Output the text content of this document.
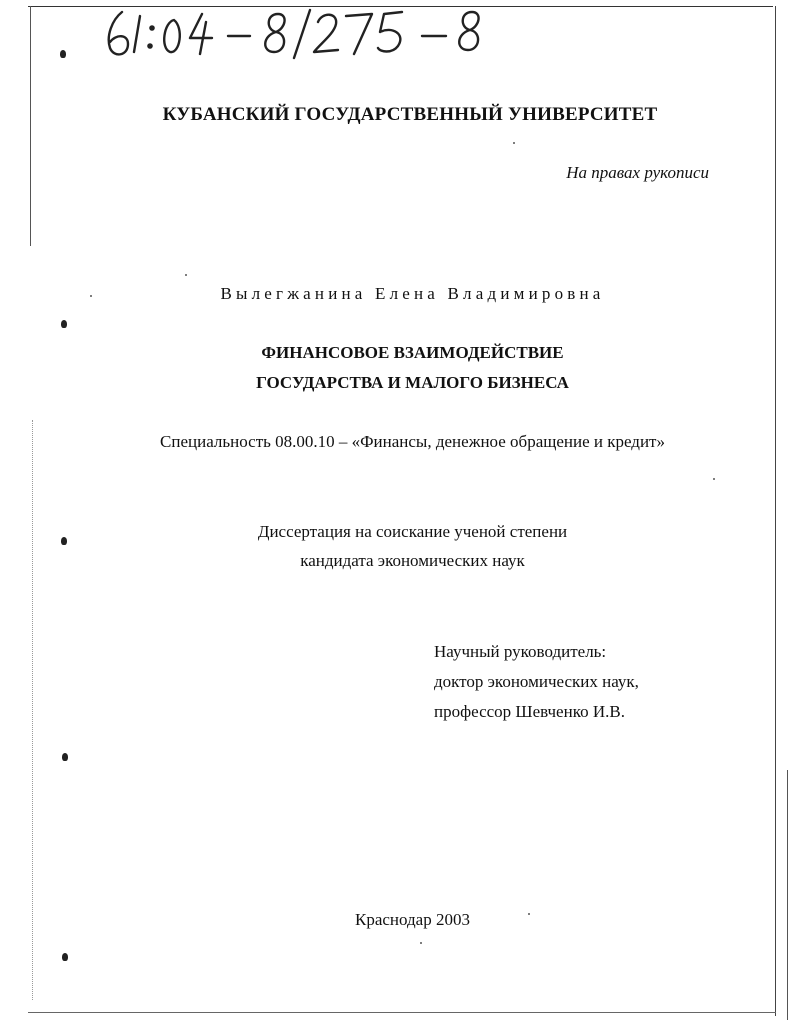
КУБАНСКИЙ ГОСУДАРСТВЕННЫЙ УНИВЕРСИТЕТ
На правах рукописи
Вылегжанина Елена Владимировна
ФИНАНСОВОЕ ВЗАИМОДЕЙСТВИЕ
ГОСУДАРСТВА И МАЛОГО БИЗНЕСА
Специальность 08.00.10 – «Финансы, денежное обращение и кредит»
Диссертация на соискание ученой степени
кандидата экономических наук
Научный руководитель:
доктор экономических наук,
профессор Шевченко И.В.
Краснодар 2003
